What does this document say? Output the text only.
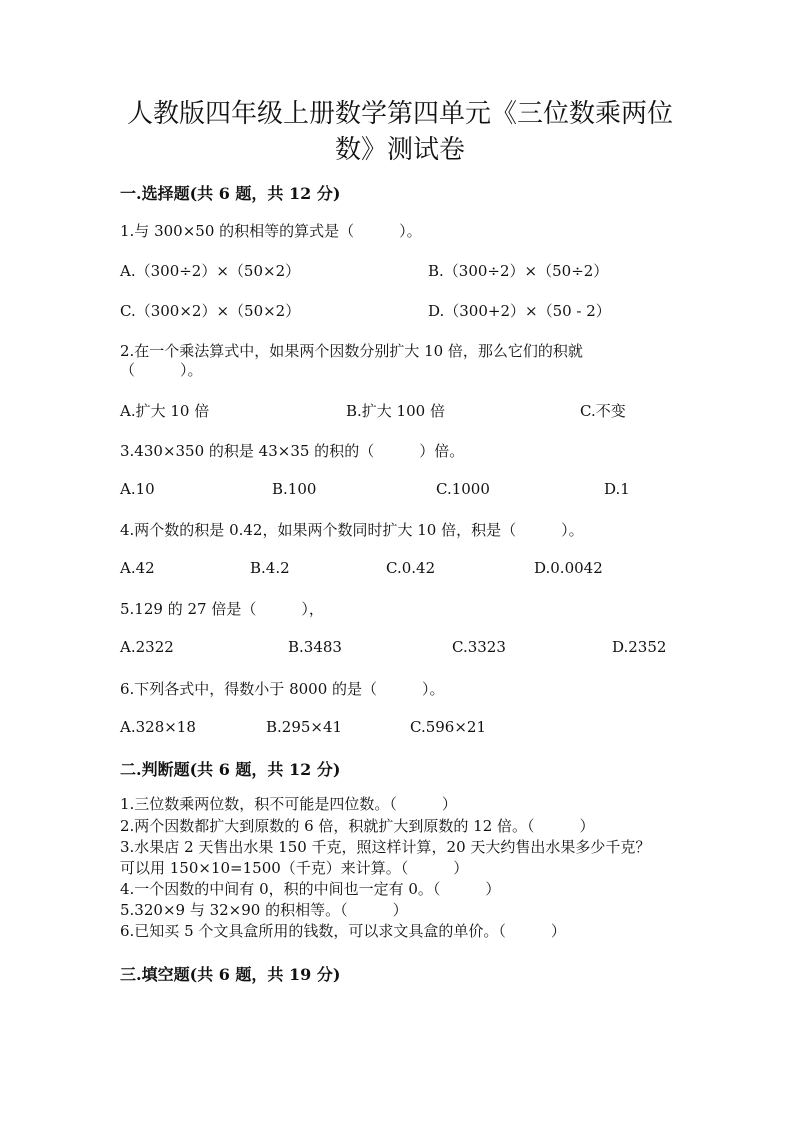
人教版四年级上册数学第四单元《三位数乘两位
数》测试卷
一.选择题(共 6 题，共 12 分)
1.与 300×50 的积相等的算式是（　　　）。
A.（300÷2）×（50×2）	B.（300÷2）×（50÷2）
C.（300×2）×（50×2）	D.（300+2）×（50 - 2）
2.在一个乘法算式中，如果两个因数分别扩大 10 倍，那么它们的积就
（　　　）。
A.扩大 10 倍	B.扩大 100 倍	C.不变
3.430×350 的积是 43×35 的积的（　　　）倍。
A.10	B.100	C.1000	D.1
4.两个数的积是 0.42，如果两个数同时扩大 10 倍，积是（　　　）。
A.42	B.4.2	C.0.42	D.0.0042
5.129 的 27 倍是（　　　），
A.2322	B.3483	C.3323	D.2352
6.下列各式中，得数小于 8000 的是（　　　）。
A.328×18	B.295×41	C.596×21
二.判断题(共 6 题，共 12 分)
1.三位数乘两位数，积不可能是四位数。（　　　）
2.两个因数都扩大到原数的 6 倍，积就扩大到原数的 12 倍。（　　　）
3.水果店 2 天售出水果 150 千克，照这样计算，20 天大约售出水果多少千克？
可以用 150×10=1500（千克）来计算。（　　　）
4.一个因数的中间有 0，积的中间也一定有 0。（　　　）
5.320×9 与 32×90 的积相等。（　　　）
6.已知买 5 个文具盒所用的钱数，可以求文具盒的单价。（　　　）
三.填空题(共 6 题，共 19 分)
